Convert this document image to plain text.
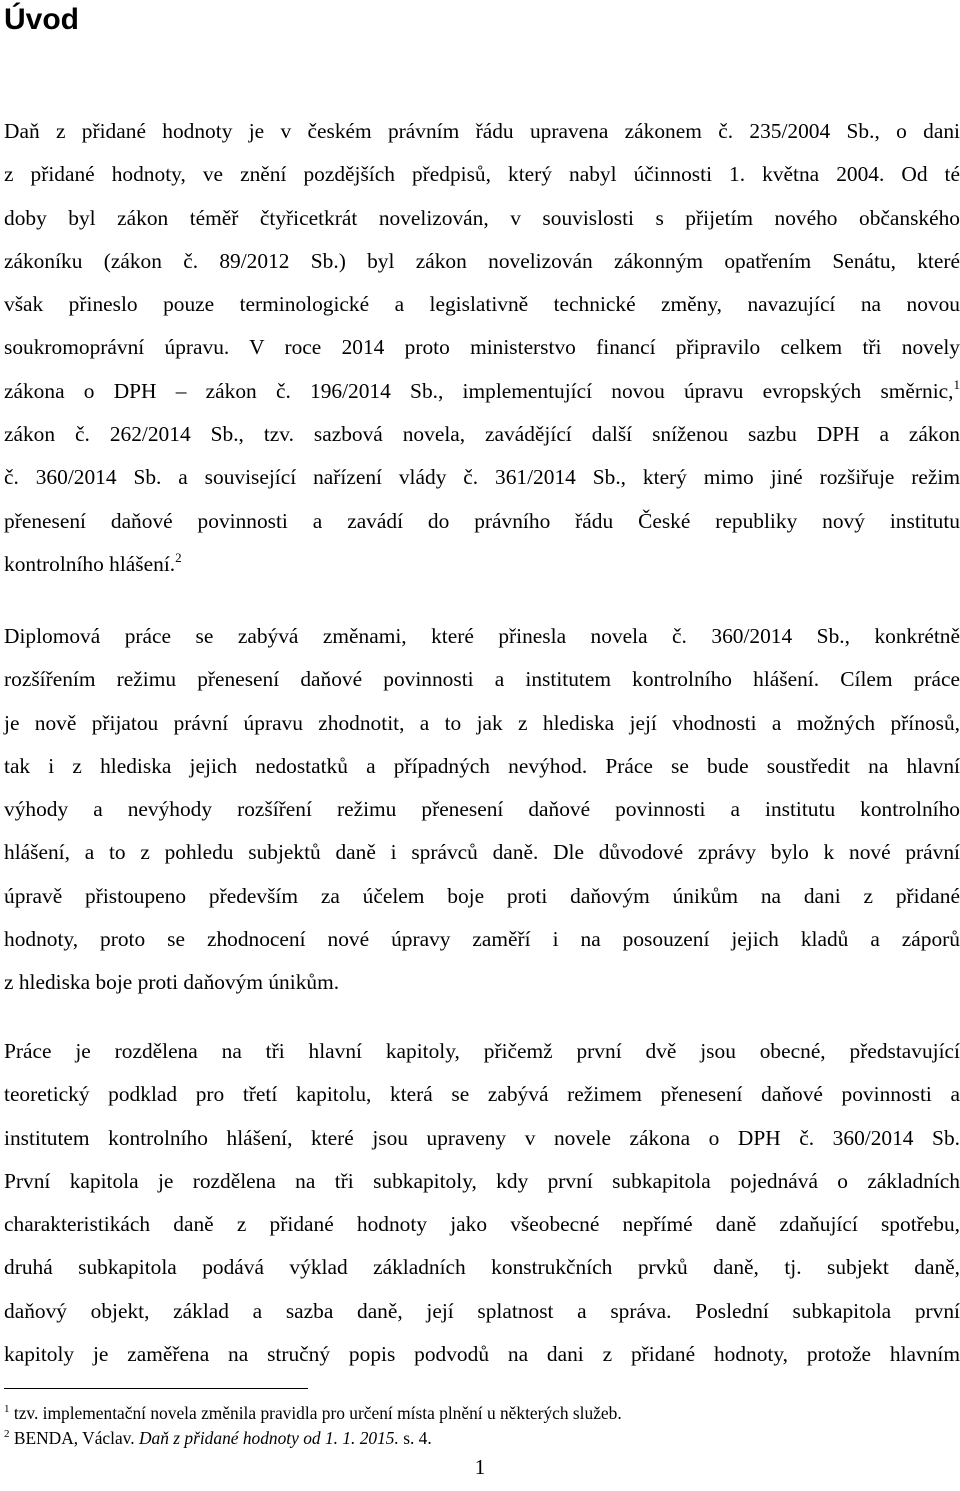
Úvod

Daň z přidané hodnoty je v českém právním řádu upravena zákonem č. 235/2004 Sb., o dani
z přidané hodnoty, ve znění pozdějších předpisů, který nabyl účinnosti 1. května 2004. Od té
doby byl zákon téměř čtyřicetkrát novelizován, v souvislosti s přijetím nového občanského
zákoníku (zákon č. 89/2012 Sb.) byl zákon novelizován zákonným opatřením Senátu, které
však přineslo pouze terminologické a legislativně technické změny, navazující na novou
soukromoprávní úpravu. V roce 2014 proto ministerstvo financí připravilo celkem tři novely
zákona o DPH – zákon č. 196/2014 Sb., implementující novou úpravu evropských směrnic,$^1$
zákon č. 262/2014 Sb., tzv. sazbová novela, zavádějící další sníženou sazbu DPH a zákon
č. 360/2014 Sb. a související nařízení vlády č. 361/2014 Sb., který mimo jiné rozšiřuje režim
přenesení daňové povinnosti a zavádí do právního řádu České republiky nový institutu
kontrolního hlášení.$^2$

Diplomová práce se zabývá změnami, které přinesla novela č. 360/2014 Sb., konkrétně
rozšířením režimu přenesení daňové povinnosti a institutem kontrolního hlášení. Cílem práce
je nově přijatou právní úpravu zhodnotit, a to jak z hlediska její vhodnosti a možných přínosů,
tak i z hlediska jejich nedostatků a případných nevýhod. Práce se bude soustředit na hlavní
výhody a nevýhody rozšíření režimu přenesení daňové povinnosti a institutu kontrolního
hlášení, a to z pohledu subjektů daně i správců daně. Dle důvodové zprávy bylo k nové právní
úpravě přistoupeno především za účelem boje proti daňovým únikům na dani z přidané
hodnoty, proto se zhodnocení nové úpravy zaměří i na posouzení jejich kladů a záporů
z hlediska boje proti daňovým únikům.

Práce je rozdělena na tři hlavní kapitoly, přičemž první dvě jsou obecné, představující
teoretický podklad pro třetí kapitolu, která se zabývá režimem přenesení daňové povinnosti a
institutem kontrolního hlášení, které jsou upraveny v novele zákona o DPH č. 360/2014 Sb.
První kapitola je rozdělena na tři subkapitoly, kdy první subkapitola pojednává o základních
charakteristikách daně z přidané hodnoty jako všeobecné nepřímé daně zdaňující spotřebu,
druhá subkapitola podává výklad základních konstrukčních prvků daně, tj. subjekt daně,
daňový objekt, základ a sazba daně, její splatnost a správa. Poslední subkapitola první
kapitoly je zaměřena na stručný popis podvodů na dani z přidané hodnoty, protože hlavním

$^1$ tzv. implementační novela změnila pravidla pro určení místa plnění u některých služeb.

$^2$ BENDA, Václav. Daň z přidané hodnoty od 1. 1. 2015. s. 4.

1
